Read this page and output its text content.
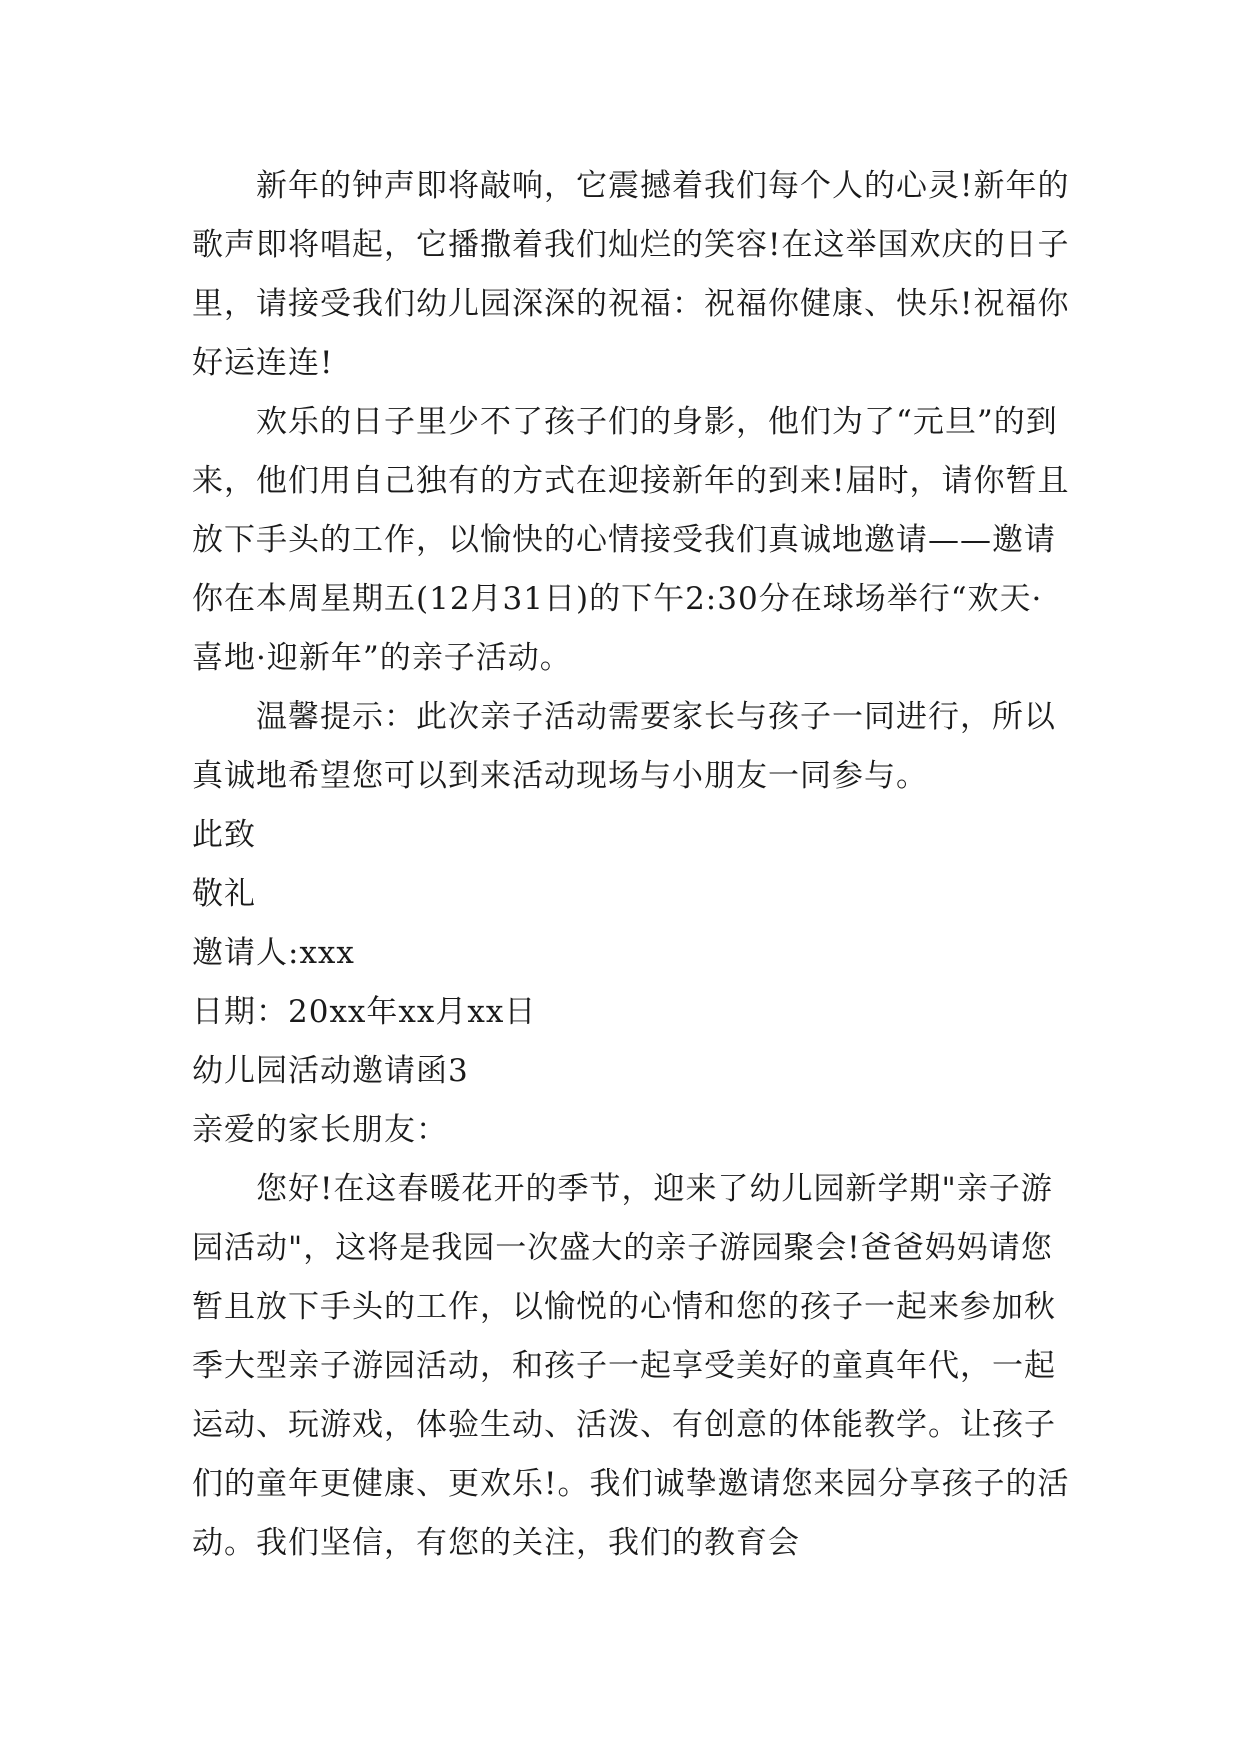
新年的钟声即将敲响，它震撼着我们每个人的心灵!新年的歌声即将唱起，它播撒着我们灿烂的笑容!在这举国欢庆的日子里，请接受我们幼儿园深深的祝福：祝福你健康、快乐!祝福你好运连连!

欢乐的日子里少不了孩子们的身影，他们为了“元旦”的到来，他们用自己独有的方式在迎接新年的到来!届时，请你暂且放下手头的工作，以愉快的心情接受我们真诚地邀请——邀请你在本周星期五(12月31日)的下午2:30分在球场举行“欢天·喜地·迎新年”的亲子活动。

温馨提示：此次亲子活动需要家长与孩子一同进行，所以真诚地希望您可以到来活动现场与小朋友一同参与。

此致

敬礼

邀请人:xxx

日期：20xx年xx月xx日

幼儿园活动邀请函3

亲爱的家长朋友：

您好!在这春暖花开的季节，迎来了幼儿园新学期"亲子游园活动"，这将是我园一次盛大的亲子游园聚会!爸爸妈妈请您暂且放下手头的工作，以愉悦的心情和您的孩子一起来参加秋季大型亲子游园活动，和孩子一起享受美好的童真年代，一起运动、玩游戏，体验生动、活泼、有创意的体能教学。让孩子们的童年更健康、更欢乐!。我们诚挚邀请您来园分享孩子的活动。我们坚信，有您的关注，我们的教育会
